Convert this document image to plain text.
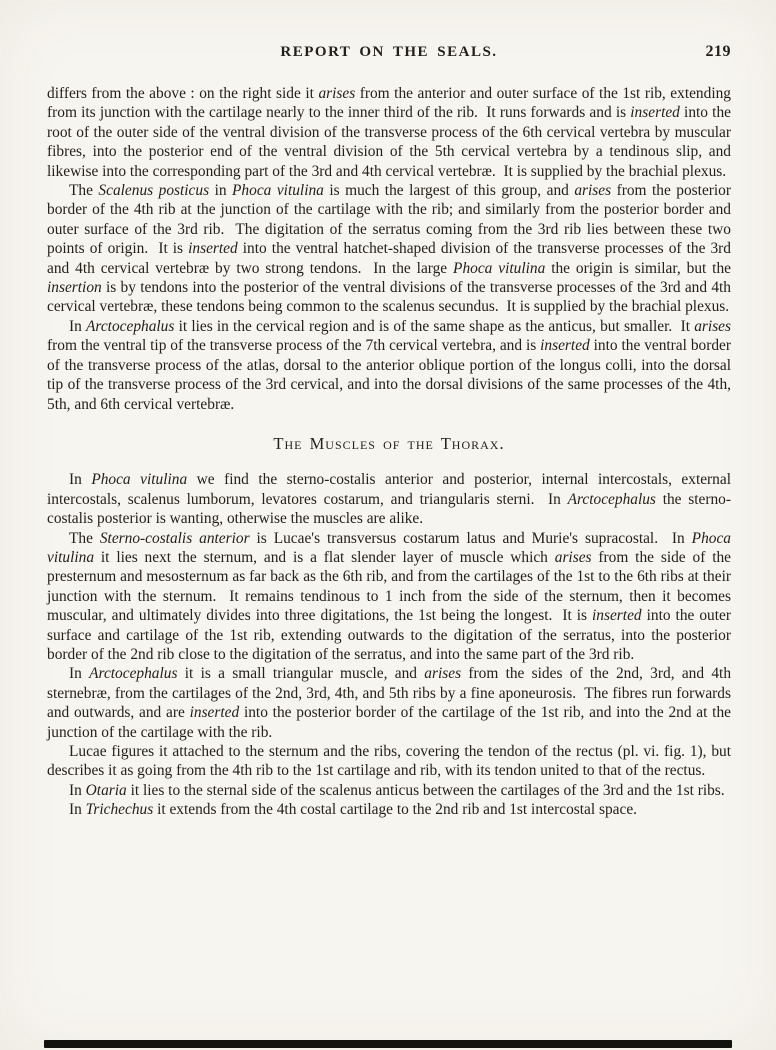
REPORT ON THE SEALS.	219

differs from the above : on the right side it arises from the anterior and outer surface of the 1st rib, extending from its junction with the cartilage nearly to the inner third of the rib.  It runs forwards and is inserted into the root of the outer side of the ventral division of the transverse process of the 6th cervical vertebra by muscular fibres, into the posterior end of the ventral division of the 5th cervical vertebra by a tendinous slip, and likewise into the corresponding part of the 3rd and 4th cervical vertebræ.  It is supplied by the brachial plexus.

The Scalenus posticus in Phoca vitulina is much the largest of this group, and arises from the posterior border of the 4th rib at the junction of the cartilage with the rib; and similarly from the posterior border and outer surface of the 3rd rib.  The digitation of the serratus coming from the 3rd rib lies between these two points of origin.  It is inserted into the ventral hatchet-shaped division of the transverse processes of the 3rd and 4th cervical vertebræ by two strong tendons.  In the large Phoca vitulina the origin is similar, but the insertion is by tendons into the posterior of the ventral divisions of the transverse processes of the 3rd and 4th cervical vertebræ, these tendons being common to the scalenus secundus.  It is supplied by the brachial plexus.

In Arctocephalus it lies in the cervical region and is of the same shape as the anticus, but smaller.  It arises from the ventral tip of the transverse process of the 7th cervical vertebra, and is inserted into the ventral border of the transverse process of the atlas, dorsal to the anterior oblique portion of the longus colli, into the dorsal tip of the transverse process of the 3rd cervical, and into the dorsal divisions of the same processes of the 4th, 5th, and 6th cervical vertebræ.

The Muscles of the Thorax.

In Phoca vitulina we find the sterno-costalis anterior and posterior, internal intercostals, external intercostals, scalenus lumborum, levatores costarum, and triangularis sterni.  In Arctocephalus the sterno-costalis posterior is wanting, otherwise the muscles are alike.

The Sterno-costalis anterior is Lucae's transversus costarum latus and Murie's supracostal.  In Phoca vitulina it lies next the sternum, and is a flat slender layer of muscle which arises from the side of the presternum and mesosternum as far back as the 6th rib, and from the cartilages of the 1st to the 6th ribs at their junction with the sternum.  It remains tendinous to 1 inch from the side of the sternum, then it becomes muscular, and ultimately divides into three digitations, the 1st being the longest.  It is inserted into the outer surface and cartilage of the 1st rib, extending outwards to the digitation of the serratus, into the posterior border of the 2nd rib close to the digitation of the serratus, and into the same part of the 3rd rib.

In Arctocephalus it is a small triangular muscle, and arises from the sides of the 2nd, 3rd, and 4th sternebræ, from the cartilages of the 2nd, 3rd, 4th, and 5th ribs by a fine aponeurosis.  The fibres run forwards and outwards, and are inserted into the posterior border of the cartilage of the 1st rib, and into the 2nd at the junction of the cartilage with the rib.

Lucae figures it attached to the sternum and the ribs, covering the tendon of the rectus (pl. vi. fig. 1), but describes it as going from the 4th rib to the 1st cartilage and rib, with its tendon united to that of the rectus.

In Otaria it lies to the sternal side of the scalenus anticus between the cartilages of the 3rd and the 1st ribs.

In Trichechus it extends from the 4th costal cartilage to the 2nd rib and 1st intercostal space.
